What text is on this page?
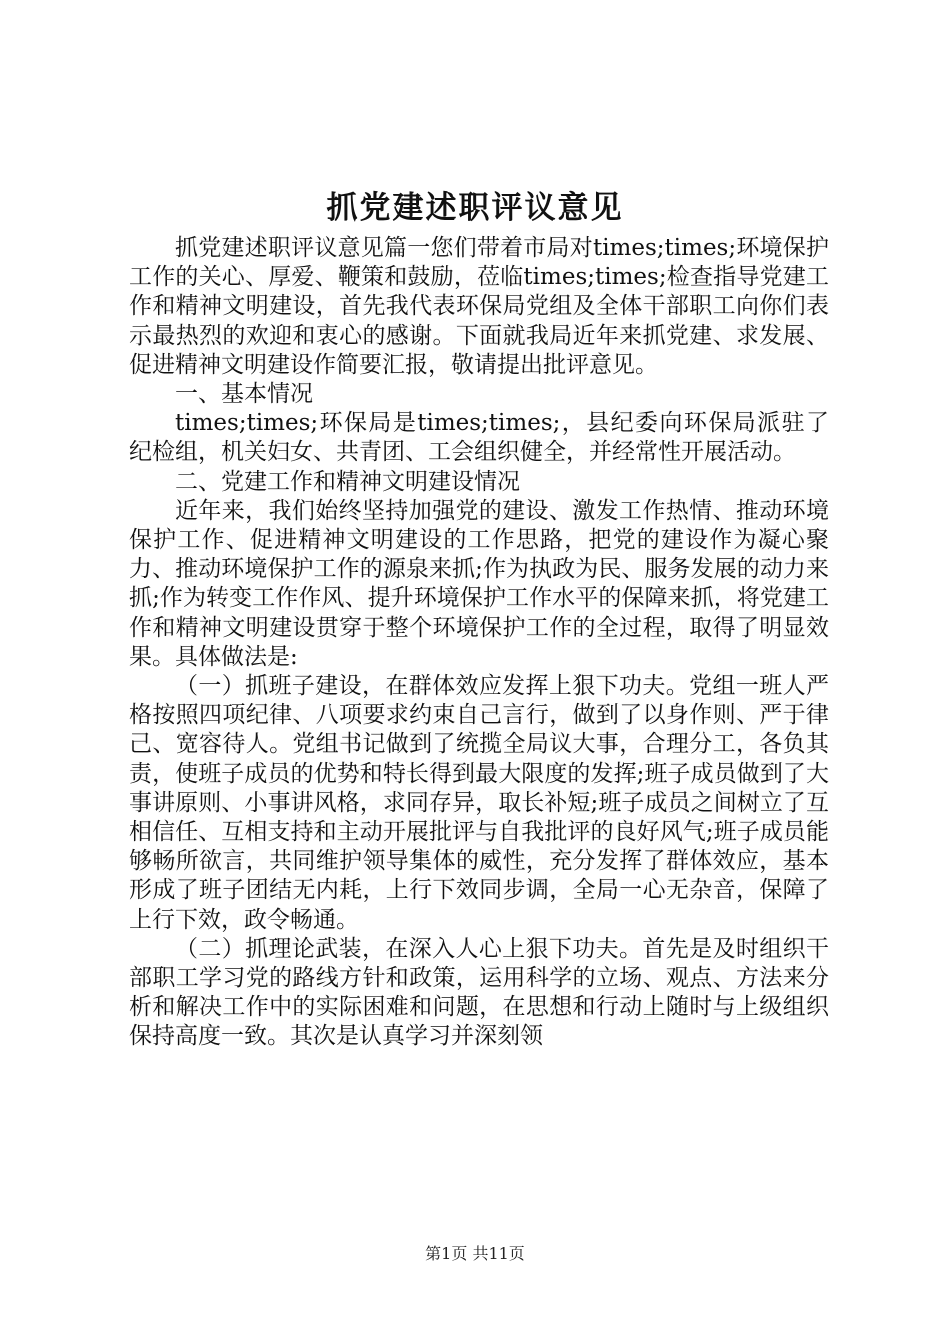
抓党建述职评议意见

抓党建述职评议意见篇一您们带着市局对times;times;环境保护工作的关心、厚爱、鞭策和鼓励，莅临times;times;检查指导党建工作和精神文明建设，首先我代表环保局党组及全体干部职工向你们表示最热烈的欢迎和衷心的感谢。下面就我局近年来抓党建、求发展、促进精神文明建设作简要汇报，敬请提出批评意见。

一、基本情况

times;times;环保局是times;times;，县纪委向环保局派驻了纪检组，机关妇女、共青团、工会组织健全，并经常性开展活动。

二、党建工作和精神文明建设情况

近年来，我们始终坚持加强党的建设、激发工作热情、推动环境保护工作、促进精神文明建设的工作思路，把党的建设作为凝心聚力、推动环境保护工作的源泉来抓;作为执政为民、服务发展的动力来抓;作为转变工作作风、提升环境保护工作水平的保障来抓，将党建工作和精神文明建设贯穿于整个环境保护工作的全过程，取得了明显效果。具体做法是:

（一）抓班子建设，在群体效应发挥上狠下功夫。党组一班人严格按照四项纪律、八项要求约束自己言行，做到了以身作则、严于律己、宽容待人。党组书记做到了统揽全局议大事，合理分工，各负其责，使班子成员的优势和特长得到最大限度的发挥;班子成员做到了大事讲原则、小事讲风格，求同存异，取长补短;班子成员之间树立了互相信任、互相支持和主动开展批评与自我批评的良好风气;班子成员能够畅所欲言，共同维护领导集体的威性，充分发挥了群体效应，基本形成了班子团结无内耗，上行下效同步调，全局一心无杂音，保障了上行下效，政令畅通。

（二）抓理论武装，在深入人心上狠下功夫。首先是及时组织干部职工学习党的路线方针和政策，运用科学的立场、观点、方法来分析和解决工作中的实际困难和问题，在思想和行动上随时与上级组织保持高度一致。其次是认真学习并深刻领

第1页 共11页
